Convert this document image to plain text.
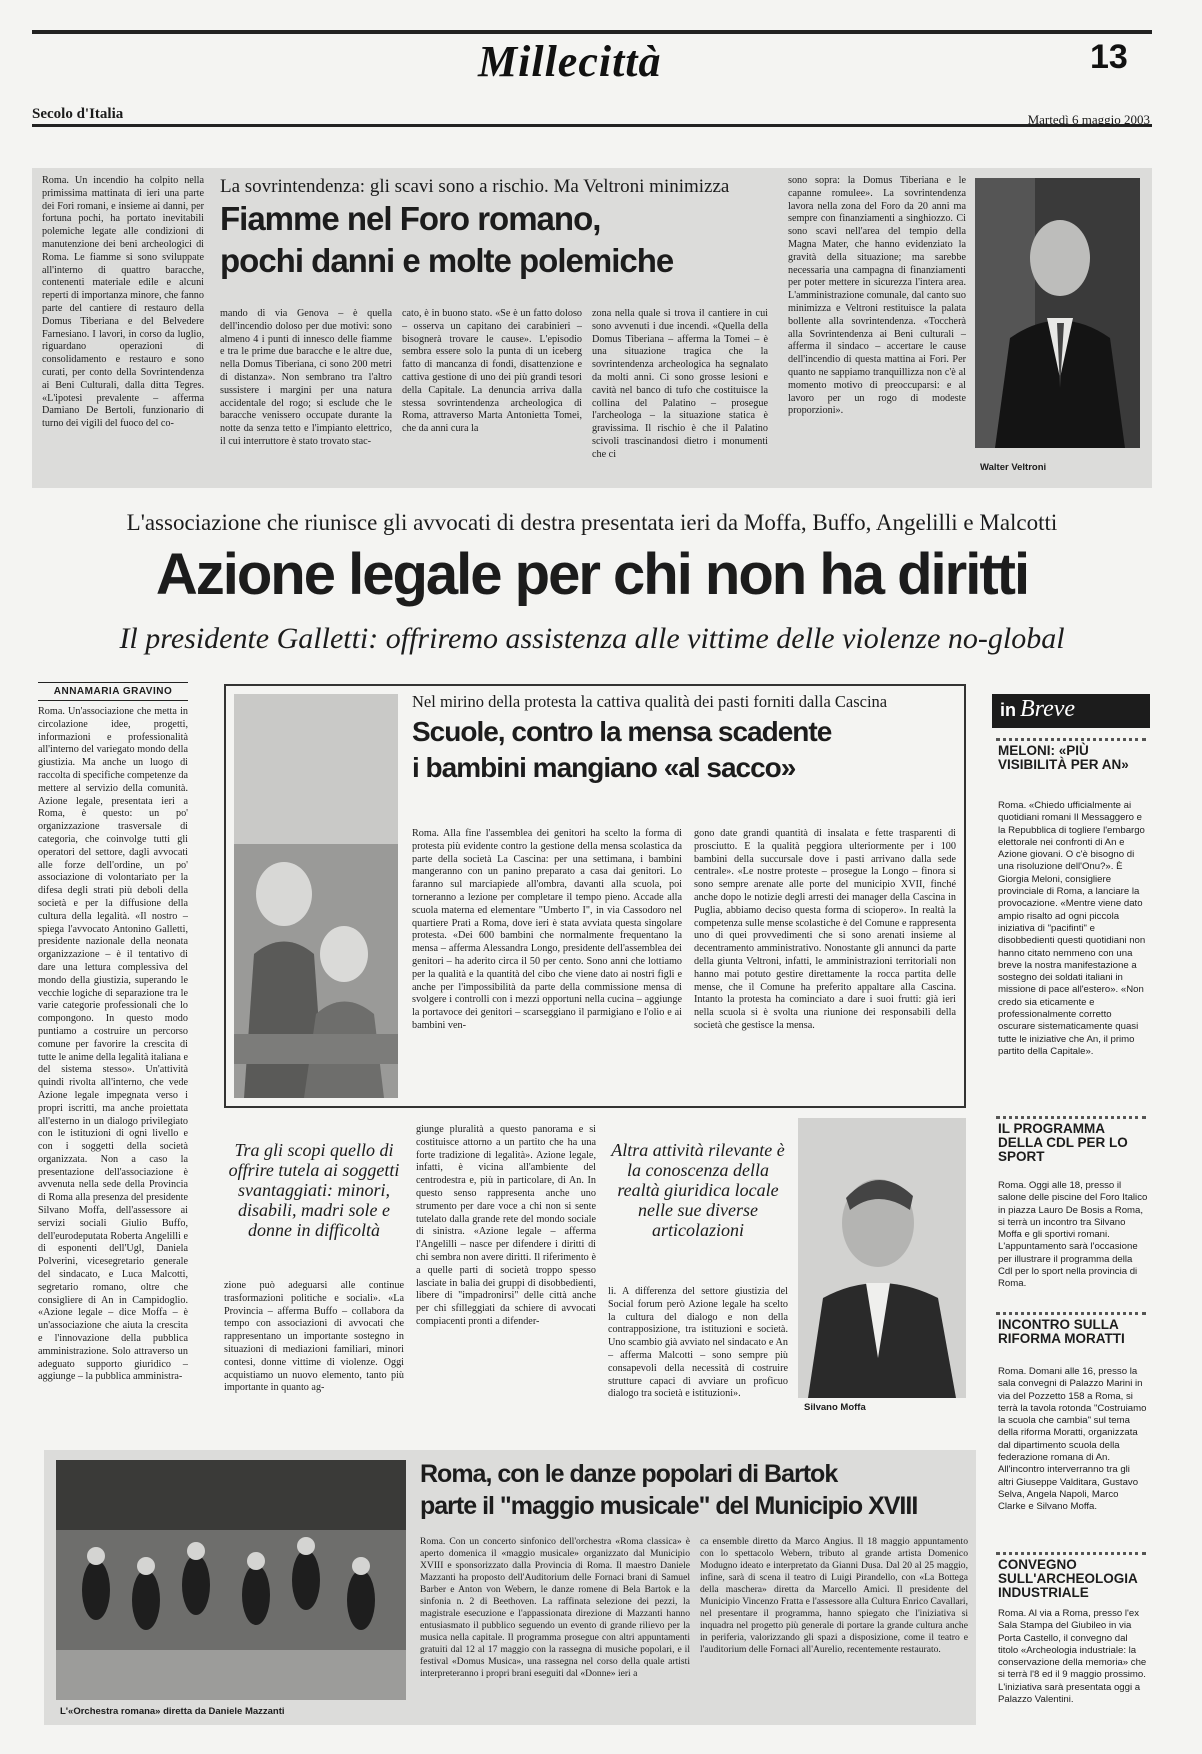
Millecittà	13
Secolo d'Italia	Martedì 6 maggio 2003
Roma. Un incendio ha colpito nella primissima mattinata di ieri una parte dei Fori romani, e insieme ai danni, per fortuna pochi, ha portato inevitabili polemiche legate alle condizioni di manutenzione dei beni archeologici di Roma. Le fiamme si sono sviluppate all'interno di quattro baracche, contenenti materiale edile e alcuni reperti di importanza minore, che fanno parte del cantiere di restauro della Domus Tiberiana e del Belvedere Farnesiano. I lavori, in corso da luglio, riguardano operazioni di consolidamento e restauro e sono curati, per conto della Sovrintendenza ai Beni Culturali, dalla ditta Tegres. «L'ipotesi prevalente – afferma Damiano De Bertoli, funzionario di turno dei vigili del fuoco del co-
La sovrintendenza: gli scavi sono a rischio. Ma Veltroni minimizza
Fiamme nel Foro romano,
pochi danni e molte polemiche
mando di via Genova – è quella dell'incendio doloso per due motivi: sono almeno 4 i punti di innesco delle fiamme e tra le prime due baracche e le altre due, nella Domus Tiberiana, ci sono 200 metri di distanza». Non sembrano tra l'altro sussistere i margini per una natura accidentale del rogo; si esclude che le baracche venissero occupate durante la notte da senza tetto e l'impianto elettrico, il cui interruttore è stato trovato stac-
cato, è in buono stato. «Se è un fatto doloso – osserva un capitano dei carabinieri – bisognerà trovare le cause». L'episodio sembra essere solo la punta di un iceberg fatto di mancanza di fondi, disattenzione e cattiva gestione di uno dei più grandi tesori della Capitale. La denuncia arriva dalla stessa sovrintendenza archeologica di Roma, attraverso Marta Antonietta Tomei, che da anni cura la
zona nella quale si trova il cantiere in cui sono avvenuti i due incendi. «Quella della Domus Tiberiana – afferma la Tomei – è una situazione tragica che la sovrintendenza archeologica ha segnalato da molti anni. Ci sono grosse lesioni e cavità nel banco di tufo che costituisce la collina del Palatino – prosegue l'archeologa – la situazione statica è gravissima. Il rischio è che il Palatino scivoli trascinandosi dietro i monumenti che ci
sono sopra: la Domus Tiberiana e le capanne romulee». La sovrintendenza lavora nella zona del Foro da 20 anni ma sempre con finanziamenti a singhiozzo. Ci sono scavi nell'area del tempio della Magna Mater, che hanno evidenziato la gravità della situazione; ma sarebbe necessaria una campagna di finanziamenti per poter mettere in sicurezza l'intera area. L'amministrazione comunale, dal canto suo minimizza e Veltroni restituisce la palata bollente alla sovrintendenza. «Toccherà alla Sovrintendenza ai Beni culturali – afferma il sindaco – accertare le cause dell'incendio di questa mattina ai Fori. Per quanto ne sappiamo tranquillizza non c'è al momento motivo di preoccuparsi: e al lavoro per un rogo di modeste proporzioni».
Walter Veltroni
L'associazione che riunisce gli avvocati di destra presentata ieri da Moffa, Buffo, Angelilli e Malcotti
Azione legale per chi non ha diritti
Il presidente Galletti: offriremo assistenza alle vittime delle violenze no-global
ANNAMARIA GRAVINO
Roma. Un'associazione che metta in circolazione idee, progetti, informazioni e professionalità all'interno del variegato mondo della giustizia. Ma anche un luogo di raccolta di specifiche competenze da mettere al servizio della comunità. Azione legale, presentata ieri a Roma, è questo: un po' organizzazione trasversale di categoria, che coinvolge tutti gli operatori del settore, dagli avvocati alle forze dell'ordine, un po' associazione di volontariato per la difesa degli strati più deboli della società e per la diffusione della cultura della legalità. «Il nostro – spiega l'avvocato Antonino Galletti, presidente nazionale della neonata organizzazione – è il tentativo di dare una lettura complessiva del mondo della giustizia, superando le vecchie logiche di separazione tra le varie categorie professionali che lo compongono. In questo modo puntiamo a costruire un percorso comune per favorire la crescita di tutte le anime della legalità italiana e del sistema stesso». Un'attività quindi rivolta all'interno, che vede Azione legale impegnata verso i propri iscritti, ma anche proiettata all'esterno in un dialogo privilegiato con le istituzioni di ogni livello e con i soggetti della società organizzata. Non a caso la presentazione dell'associazione è avvenuta nella sede della Provincia di Roma alla presenza del presidente Silvano Moffa, dell'assessore ai servizi sociali Giulio Buffo, dell'eurodeputata Roberta Angelilli e di esponenti dell'Ugl, Daniela Polverini, vicesegretario generale del sindacato, e Luca Malcotti, segretario romano, oltre che consigliere di An in Campidoglio. «Azione legale – dice Moffa – è un'associazione che aiuta la crescita e l'innovazione della pubblica amministrazione. Solo attraverso un adeguato supporto giuridico – aggiunge – la pubblica amministra-
Nel mirino della protesta la cattiva qualità dei pasti forniti dalla Cascina
Scuole, contro la mensa scadente
i bambini mangiano «al sacco»
Roma. Alla fine l'assemblea dei genitori ha scelto la forma di protesta più evidente contro la gestione della mensa scolastica da parte della società La Cascina: per una settimana, i bambini mangeranno con un panino preparato a casa dai genitori. Lo faranno sul marciapiede all'ombra, davanti alla scuola, poi torneranno a lezione per completare il tempo pieno. Accade alla scuola materna ed elementare "Umberto I", in via Cassodoro nel quartiere Prati a Roma, dove ieri è stata avviata questa singolare protesta. «Dei 600 bambini che normalmente frequentano la mensa – afferma Alessandra Longo, presidente dell'assemblea dei genitori – ha aderito circa il 50 per cento. Sono anni che lottiamo per la qualità e la quantità del cibo che viene dato ai nostri figli e anche per l'impossibilità da parte della commissione mensa di svolgere i controlli con i mezzi opportuni nella cucina – aggiunge la portavoce dei genitori – scarseggiano il parmigiano e l'olio e ai bambini ven-
gono date grandi quantità di insalata e fette trasparenti di prosciutto. E la qualità peggiora ulteriormente per i 100 bambini della succursale dove i pasti arrivano dalla sede centrale». «Le nostre proteste – prosegue la Longo – finora si sono sempre arenate alle porte del municipio XVII, finché anche dopo le notizie degli arresti dei manager della Cascina in Puglia, abbiamo deciso questa forma di sciopero». In realtà la competenza sulle mense scolastiche è del Comune e rappresenta uno di quei provvedimenti che si sono arenati insieme al decentramento amministrativo. Nonostante gli annunci da parte della giunta Veltroni, infatti, le amministrazioni territoriali non hanno mai potuto gestire direttamente la rocca partita delle mense, che il Comune ha preferito appaltare alla Cascina. Intanto la protesta ha cominciato a dare i suoi frutti: già ieri nella scuola si è svolta una riunione dei responsabili della società che gestisce la mensa.
Tra gli scopi quello di offrire tutela ai soggetti svantaggiati: minori, disabili, madri sole e donne in difficoltà
zione può adeguarsi alle continue trasformazioni politiche e sociali». «La Provincia – afferma Buffo – collabora da tempo con associazioni di avvocati che rappresentano un importante sostegno in situazioni di mediazioni familiari, minori contesi, donne vittime di violenze. Oggi acquistiamo un nuovo elemento, tanto più importante in quanto ag-
giunge pluralità a questo panorama e si costituisce attorno a un partito che ha una forte tradizione di legalità». Azione legale, infatti, è vicina all'ambiente del centrodestra e, più in particolare, di An. In questo senso rappresenta anche uno strumento per dare voce a chi non si sente tutelato dalla grande rete del mondo sociale di sinistra. «Azione legale – afferma l'Angelilli – nasce per difendere i diritti di chi sembra non avere diritti. Il riferimento è a quelle parti di società troppo spesso lasciate in balia dei gruppi di disobbedienti, libere di "impadronirsi" delle città anche per chi sfilleggiati da schiere di avvocati compiacenti pronti a difender-
Altra attività rilevante è la conoscenza della realtà giuridica locale nelle sue diverse articolazioni
li. A differenza del settore giustizia del Social forum però Azione legale ha scelto la cultura del dialogo e non della contrapposizione, tra istituzioni e società. Uno scambio già avviato nel sindacato e An – afferma Malcotti – sono sempre più consapevoli della necessità di costruire strutture capaci di avviare un proficuo dialogo tra società e istituzioni».
Silvano Moffa
L'«Orchestra romana» diretta da Daniele Mazzanti
Roma, con le danze popolari di Bartok
parte il "maggio musicale" del Municipio XVIII
Roma. Con un concerto sinfonico dell'orchestra «Roma classica» è aperto domenica il «maggio musicale» organizzato dal Municipio XVIII e sponsorizzato dalla Provincia di Roma. Il maestro Daniele Mazzanti ha proposto dell'Auditorium delle Fornaci brani di Samuel Barber e Anton von Webern, le danze romene di Bela Bartok e la sinfonia n. 2 di Beethoven. La raffinata selezione dei pezzi, la magistrale esecuzione e l'appassionata direzione di Mazzanti hanno entusiasmato il pubblico seguendo un evento di grande rilievo per la musica nella capitale. Il programma prosegue con altri appuntamenti gratuiti dal 12 al 17 maggio con la rassegna di musiche popolari, e il festival «Domus Musica», una rassegna nel corso della quale artisti interpreteranno i propri brani eseguiti dal «Donne» ieri a
ca ensemble diretto da Marco Angius. Il 18 maggio appuntamento con lo spettacolo Webern, tributo al grande artista Domenico Modugno ideato e interpretato da Gianni Dusa. Dal 20 al 25 maggio, infine, sarà di scena il teatro di Luigi Pirandello, con «La Bottega della maschera» diretta da Marcello Amici. Il presidente del Municipio Vincenzo Fratta e l'assessore alla Cultura Enrico Cavallari, nel presentare il programma, hanno spiegato che l'iniziativa si inquadra nel progetto più generale di portare la grande cultura anche in periferia, valorizzando gli spazi a disposizione, come il teatro e l'auditorium delle Fornaci all'Aurelio, recentemente restaurato.
in Breve
MELONI: «PIÙ VISIBILITÀ PER AN»
Roma. «Chiedo ufficialmente ai quotidiani romani Il Messaggero e la Repubblica di togliere l'embargo elettorale nei confronti di An e Azione giovani. O c'è bisogno di una risoluzione dell'Onu?». È Giorgia Meloni, consigliere provinciale di Roma, a lanciare la provocazione. «Mentre viene dato ampio risalto ad ogni piccola iniziativa di "pacifinti" e disobbedienti questi quotidiani non hanno citato nemmeno con una breve la nostra manifestazione a sostegno dei soldati italiani in missione di pace all'estero». «Non credo sia eticamente e professionalmente corretto oscurare sistematicamente quasi tutte le iniziative che An, il primo partito della Capitale».
IL PROGRAMMA DELLA CDL PER LO SPORT
Roma. Oggi alle 18, presso il salone delle piscine del Foro Italico in piazza Lauro De Bosis a Roma, si terrà un incontro tra Silvano Moffa e gli sportivi romani. L'appuntamento sarà l'occasione per illustrare il programma della Cdl per lo sport nella provincia di Roma.
INCONTRO SULLA RIFORMA MORATTI
Roma. Domani alle 16, presso la sala convegni di Palazzo Marini in via del Pozzetto 158 a Roma, si terrà la tavola rotonda "Costruiamo la scuola che cambia" sul tema della riforma Moratti, organizzata dal dipartimento scuola della federazione romana di An. All'incontro interverranno tra gli altri Giuseppe Valditara, Gustavo Selva, Angela Napoli, Marco Clarke e Silvano Moffa.
CONVEGNO SULL'ARCHEOLOGIA INDUSTRIALE
Roma. Al via a Roma, presso l'ex Sala Stampa del Giubileo in via Porta Castello, il convegno dal titolo «Archeologia industriale: la conservazione della memoria» che si terrà l'8 ed il 9 maggio prossimo. L'iniziativa sarà presentata oggi a Palazzo Valentini.
